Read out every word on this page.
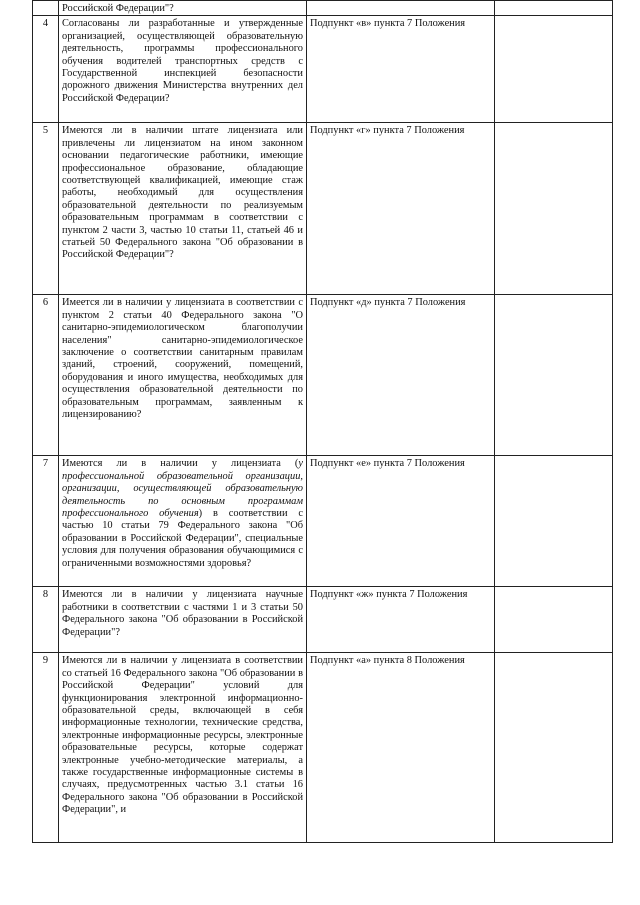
	Российской Федерации"?		
4	Согласованы ли разработанные и утвержденные организацией, осуществляющей образовательную деятельность, программы профессионального обучения водителей транспортных средств с Государственной инспекцией безопасности дорожного движения Министерства внутренних дел Российской Федерации?	Подпункт «в» пункта 7 Положения	
5	Имеются ли в наличии штате лицензиата или привлечены ли лицензиатом на ином законном основании педагогические работники, имеющие профессиональное образование, обладающие соответствующей квалификацией, имеющие стаж работы, необходимый для осуществления образовательной деятельности по реализуемым образовательным программам в соответствии с пунктом 2 части 3, частью 10 статьи 11, статьей 46 и статьей 50 Федерального закона "Об образовании в Российской Федерации"?	Подпункт «г» пункта 7 Положения	
6	Имеется ли в наличии у лицензиата в соответствии с пунктом 2 статьи 40 Федерального закона "О санитарно-эпидемиологическом благополучии населения" санитарно-эпидемиологическое заключение о соответствии санитарным правилам зданий, строений, сооружений, помещений, оборудования и иного имущества, необходимых для осуществления образовательной деятельности по образовательным программам, заявленным к лицензированию?	Подпункт «д» пункта 7 Положения	
7	Имеются ли в наличии у лицензиата (у профессиональной образовательной организации, организации, осуществляющей образовательную деятельность по основным программам профессионального обучения) в соответствии с частью 10 статьи 79 Федерального закона "Об образовании в Российской Федерации", специальные условия для получения образования обучающимися с ограниченными возможностями здоровья?	Подпункт «е» пункта 7 Положения	
8	Имеются ли в наличии у лицензиата научные работники в соответствии с частями 1 и 3 статьи 50 Федерального закона "Об образовании в Российской Федерации"?	Подпункт «ж» пункта 7 Положения	
9	Имеются ли в наличии у лицензиата в соответствии со статьей 16 Федерального закона "Об образовании в Российской Федерации" условий для функционирования электронной информационно-образовательной среды, включающей в себя информационные технологии, технические средства, электронные информационные ресурсы, электронные образовательные ресурсы, которые содержат электронные учебно-методические материалы, а также государственные информационные системы в случаях, предусмотренных частью 3.1 статьи 16 Федерального закона "Об образовании в Российской Федерации", и	Подпункт «а» пункта 8 Положения	
